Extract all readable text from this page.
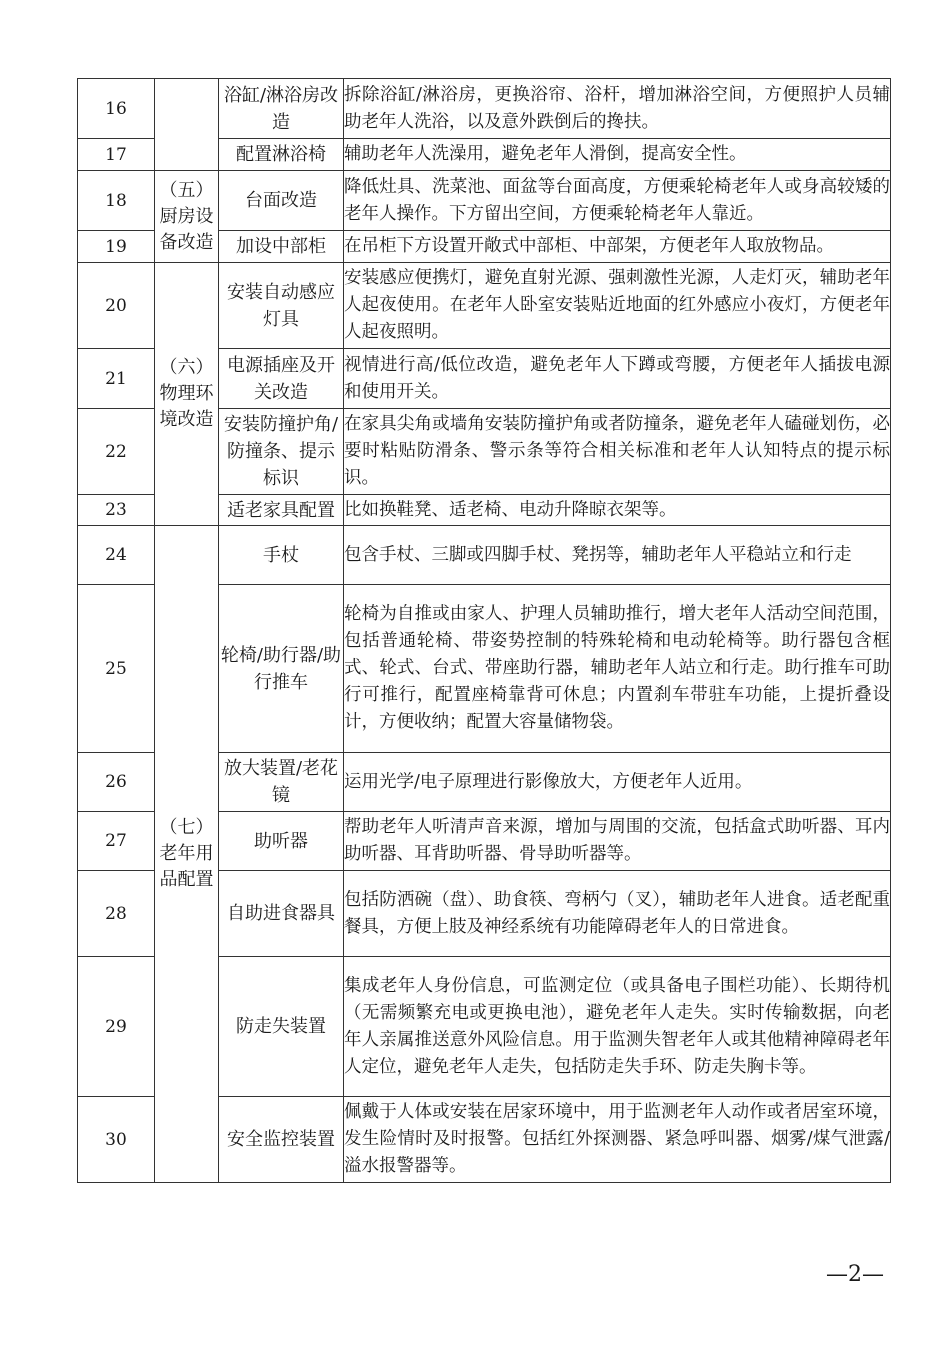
16		浴缸/淋浴房改造	拆除浴缸/淋浴房，更换浴帘、浴杆，增加淋浴空间，方便照护人员辅助老年人洗浴，以及意外跌倒后的搀扶。
17		配置淋浴椅	辅助老年人洗澡用，避免老年人滑倒，提高安全性。
18	（五）厨房设备改造	台面改造	降低灶具、洗菜池、面盆等台面高度，方便乘轮椅老年人或身高较矮的老年人操作。下方留出空间，方便乘轮椅老年人靠近。
19		加设中部柜	在吊柜下方设置开敞式中部柜、中部架，方便老年人取放物品。
20	（六）物理环境改造	安装自动感应灯具	安装感应便携灯，避免直射光源、强刺激性光源，人走灯灭，辅助老年人起夜使用。在老年人卧室安装贴近地面的红外感应小夜灯，方便老年人起夜照明。
21		电源插座及开关改造	视情进行高/低位改造，避免老年人下蹲或弯腰，方便老年人插拔电源和使用开关。
22		安装防撞护角/防撞条、提示标识	在家具尖角或墙角安装防撞护角或者防撞条，避免老年人磕碰划伤，必要时粘贴防滑条、警示条等符合相关标准和老年人认知特点的提示标识。
23		适老家具配置	比如换鞋凳、适老椅、电动升降晾衣架等。
24	（七）老年用品配置	手杖	包含手杖、三脚或四脚手杖、凳拐等，辅助老年人平稳站立和行走
25		轮椅/助行器/助行推车	轮椅为自推或由家人、护理人员辅助推行，增大老年人活动空间范围，包括普通轮椅、带姿势控制的特殊轮椅和电动轮椅等。助行器包含框式、轮式、台式、带座助行器，辅助老年人站立和行走。助行推车可助行可推行，配置座椅靠背可休息；内置刹车带驻车功能，上提折叠设计，方便收纳；配置大容量储物袋。
26		放大装置/老花镜	运用光学/电子原理进行影像放大，方便老年人近用。
27		助听器	帮助老年人听清声音来源，增加与周围的交流，包括盒式助听器、耳内助听器、耳背助听器、骨导助听器等。
28		自助进食器具	包括防洒碗（盘）、助食筷、弯柄勺（叉），辅助老年人进食。适老配重餐具，方便上肢及神经系统有功能障碍老年人的日常进食。
29		防走失装置	集成老年人身份信息，可监测定位（或具备电子围栏功能）、长期待机（无需频繁充电或更换电池），避免老年人走失。实时传输数据，向老年人亲属推送意外风险信息。用于监测失智老年人或其他精神障碍老年人定位，避免老年人走失，包括防走失手环、防走失胸卡等。
30		安全监控装置	佩戴于人体或安装在居家环境中，用于监测老年人动作或者居室环境，发生险情时及时报警。包括红外探测器、紧急呼叫器、烟雾/煤气泄露/溢水报警器等。
—2—
